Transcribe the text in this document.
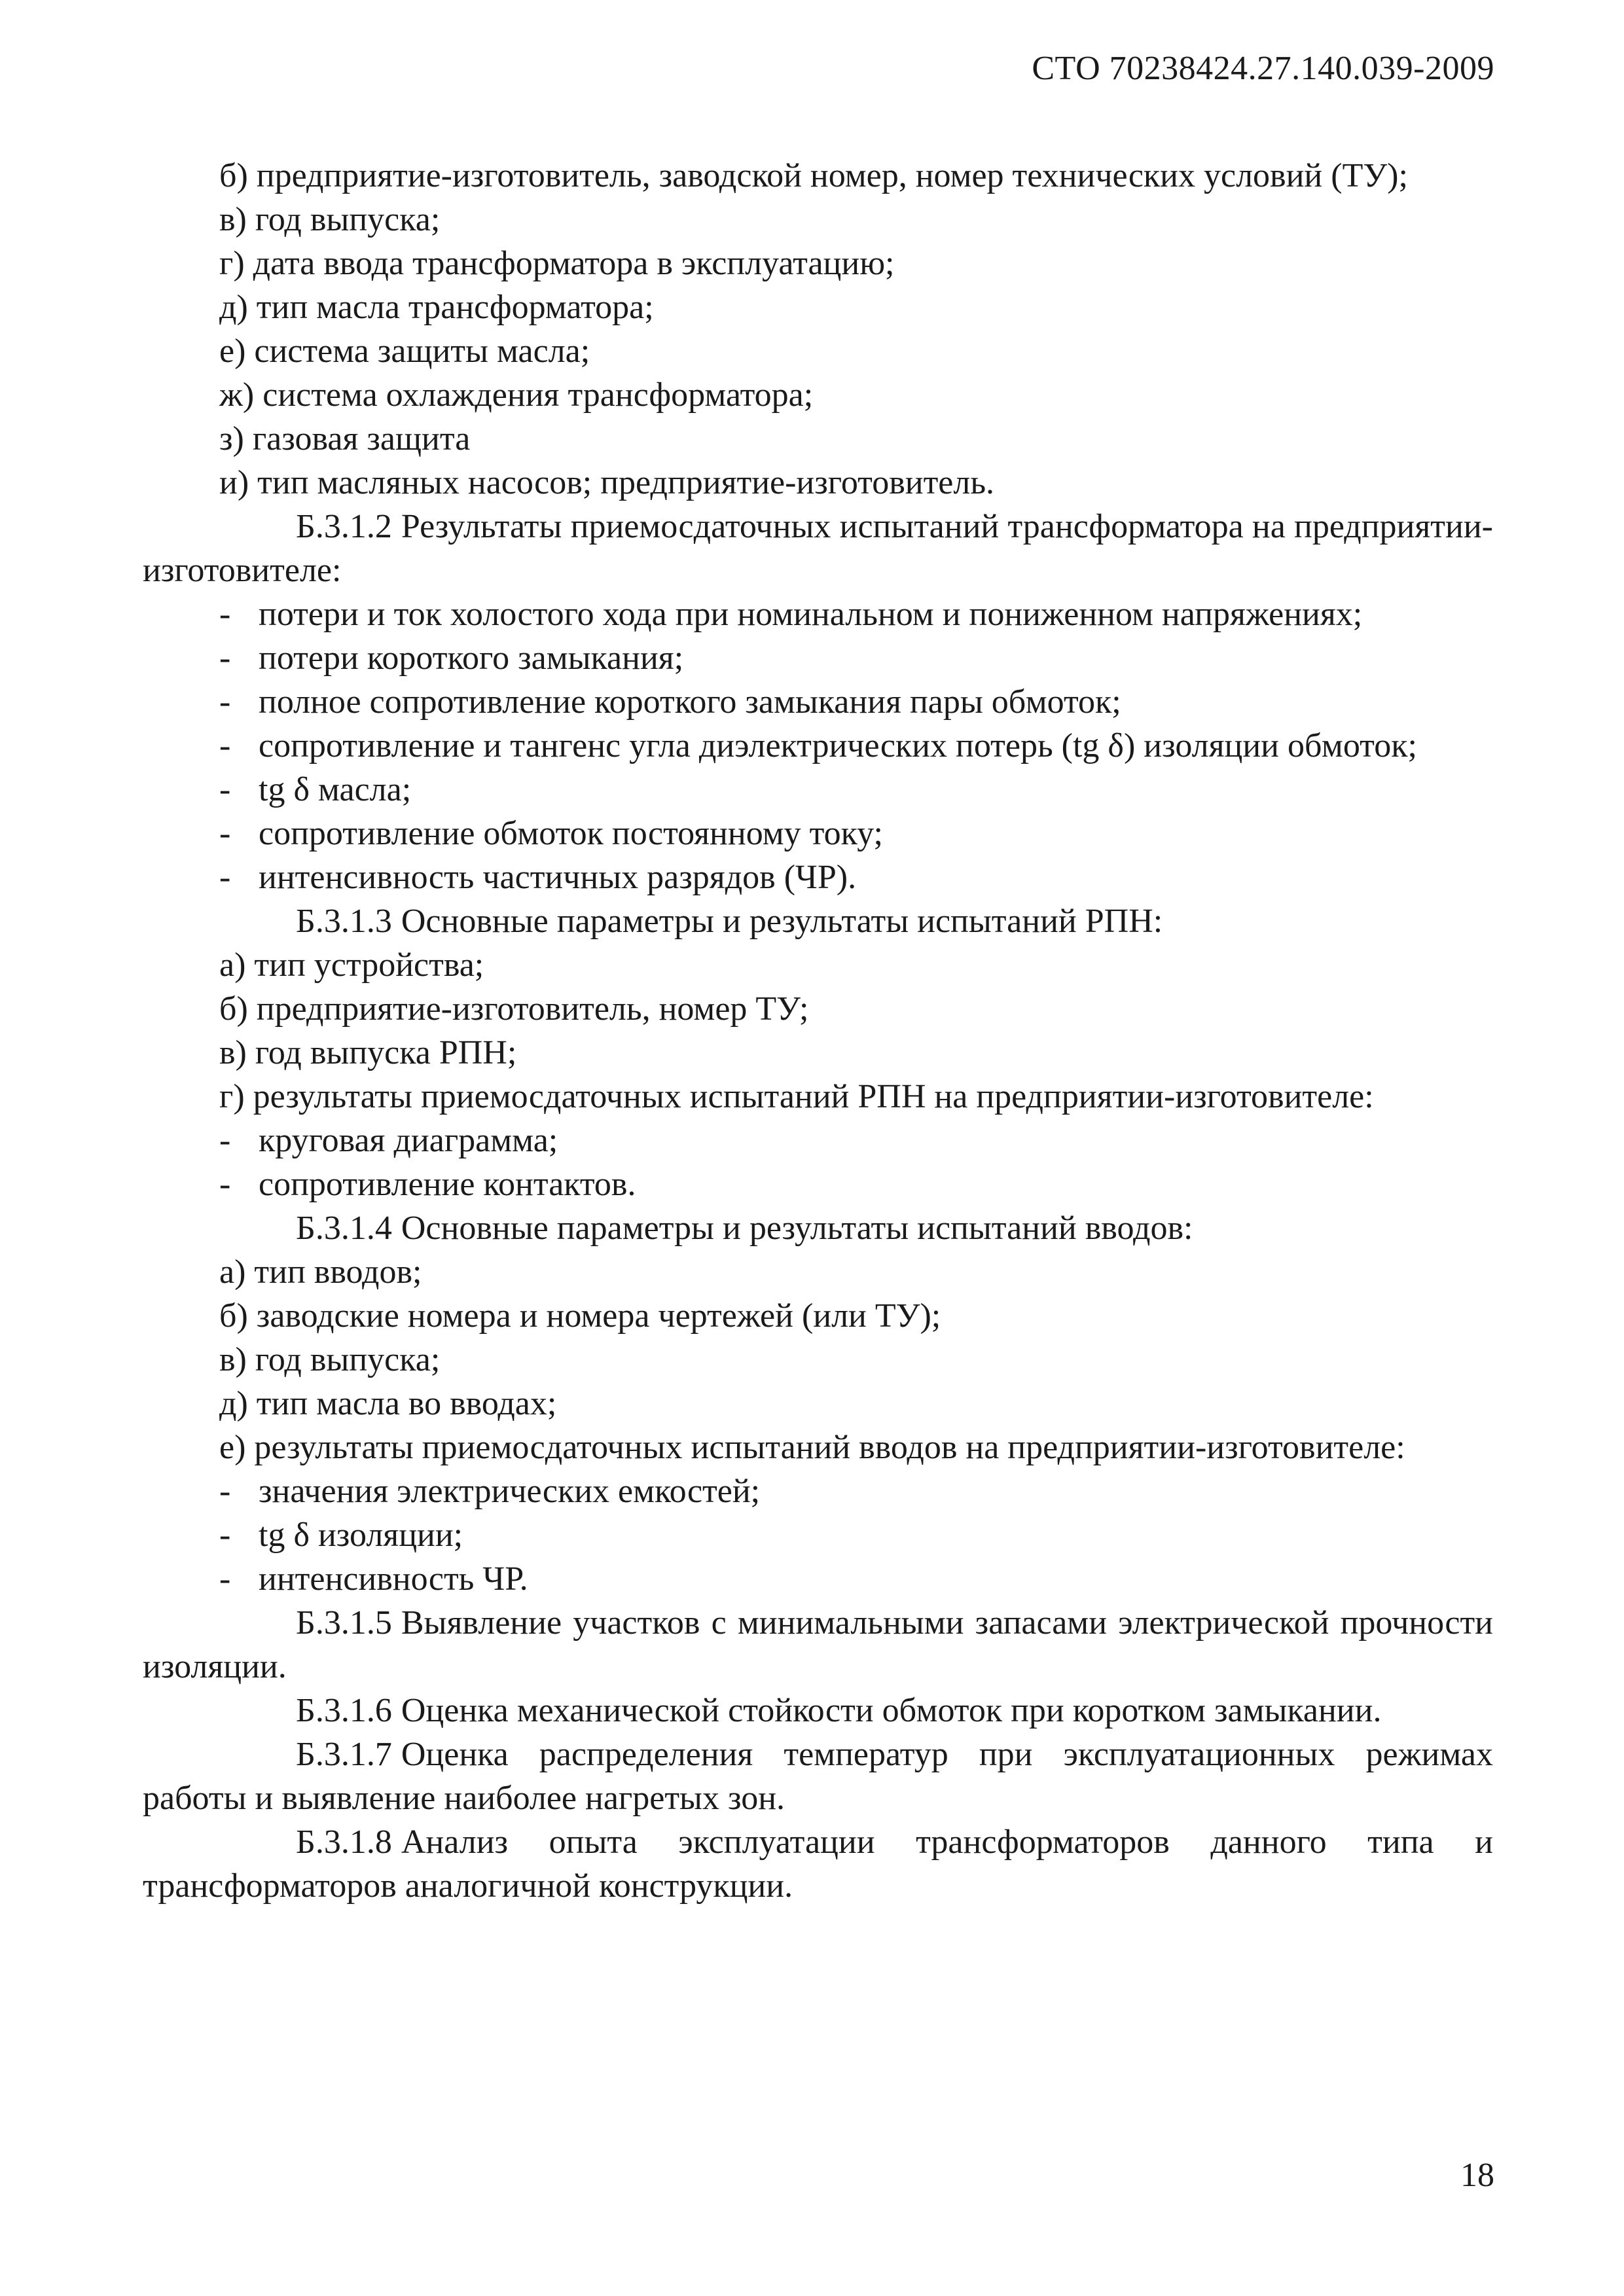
СТО 70238424.27.140.039-2009

б) предприятие-изготовитель, заводской номер, номер технических условий (ТУ);

в) год выпуска;

г) дата ввода трансформатора в эксплуатацию;

д) тип масла трансформатора;

е) система защиты масла;

ж) система охлаждения трансформатора;

з) газовая защита

и) тип масляных насосов; предприятие-изготовитель.

Б.3.1.2 Результаты приемосдаточных испытаний трансформатора на предприятии-изготовителе:

- потери и ток холостого хода при номинальном и пониженном напряжениях;

- потери короткого замыкания;

- полное сопротивление короткого замыкания пары обмоток;

- сопротивление и тангенс угла диэлектрических потерь (tg δ) изоляции обмоток;

- tg δ масла;

- сопротивление обмоток постоянному току;

- интенсивность частичных разрядов (ЧР).

Б.3.1.3 Основные параметры и результаты испытаний РПН:

а) тип устройства;

б) предприятие-изготовитель, номер ТУ;

в) год выпуска РПН;

г) результаты приемосдаточных испытаний РПН на предприятии-изготовителе:

- круговая диаграмма;

- сопротивление контактов.

Б.3.1.4 Основные параметры и результаты испытаний вводов:

а) тип вводов;

б) заводские номера и номера чертежей (или ТУ);

в) год выпуска;

д) тип масла во вводах;

е) результаты приемосдаточных испытаний вводов на предприятии-изготовителе:

- значения электрических емкостей;

- tg δ изоляции;

- интенсивность ЧР.

Б.3.1.5 Выявление участков с минимальными запасами электрической прочности изоляции.

Б.3.1.6 Оценка механической стойкости обмоток при коротком замыкании.

Б.3.1.7 Оценка распределения температур при эксплуатационных режимах работы и выявление наиболее нагретых зон.

Б.3.1.8 Анализ опыта эксплуатации трансформаторов данного типа и трансформаторов аналогичной конструкции.

18
